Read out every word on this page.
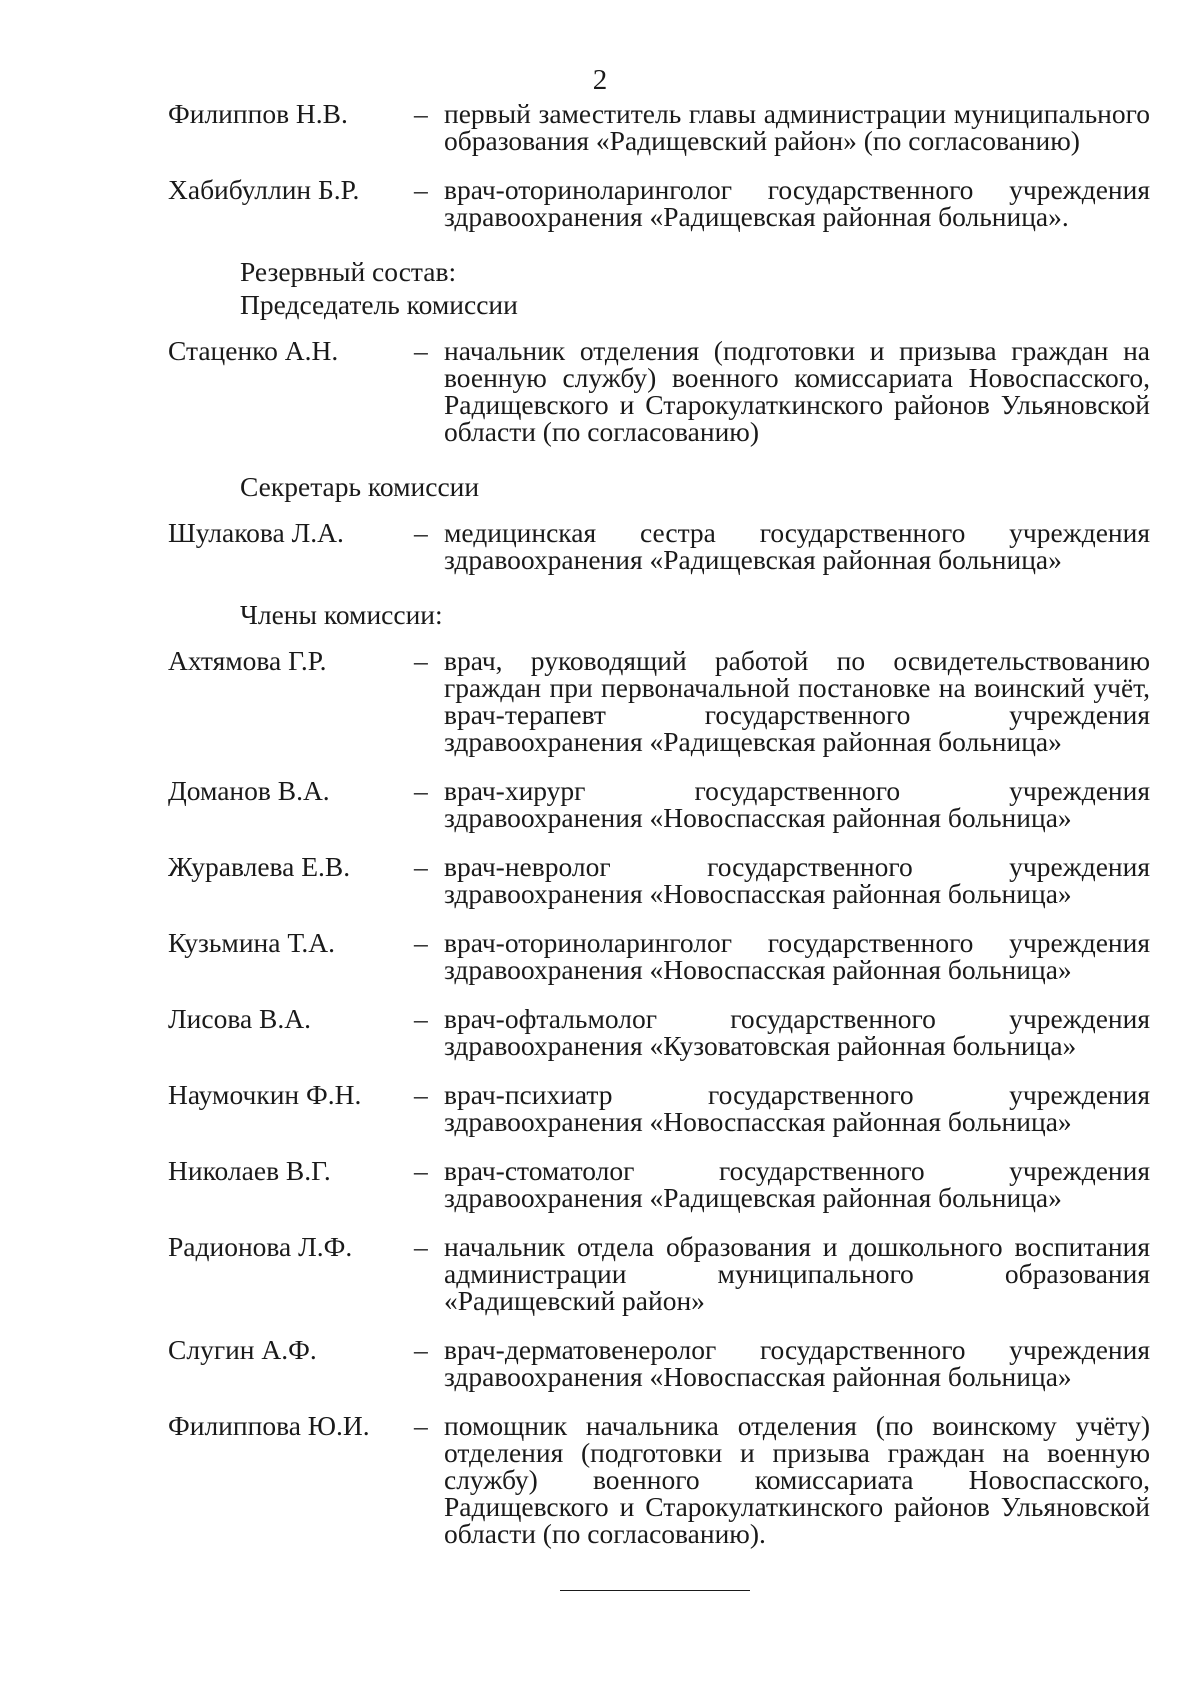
2
Филиппов Н.В.	– первый заместитель главы администрации муниципального образования «Радищевский район» (по согласованию)
Хабибуллин Б.Р.	– врач-оториноларинголог государственного учреждения здравоохранения «Радищевская районная больница».
Резервный состав:
Председатель комиссии
Стаценко А.Н.	– начальник отделения (подготовки и призыва граждан на военную службу) военного комиссариата Новоспасского, Радищевского и Старокулаткинского районов Ульяновской области (по согласованию)
Секретарь комиссии
Шулакова Л.А.	– медицинская сестра государственного учреждения здравоохранения «Радищевская районная больница»
Члены комиссии:
Ахтямова Г.Р.	– врач, руководящий работой по освидетельствованию граждан при первоначальной постановке на воинский учёт, врач-терапевт государственного учреждения здравоохранения «Радищевская районная больница»
Доманов В.А.	– врач-хирург государственного учреждения здравоохранения «Новоспасская районная больница»
Журавлева Е.В.	– врач-невролог государственного учреждения здравоохранения «Новоспасская районная больница»
Кузьмина Т.А.	– врач-оториноларинголог государственного учреждения здравоохранения «Новоспасская районная больница»
Лисова В.А.	– врач-офтальмолог государственного учреждения здравоохранения «Кузоватовская районная больница»
Наумочкин Ф.Н.	– врач-психиатр государственного учреждения здравоохранения «Новоспасская районная больница»
Николаев В.Г.	– врач-стоматолог государственного учреждения здравоохранения «Радищевская районная больница»
Радионова Л.Ф.	– начальник отдела образования и дошкольного воспитания администрации муниципального образования «Радищевский район»
Слугин А.Ф.	– врач-дерматовенеролог государственного учреждения здравоохранения «Новоспасская районная больница»
Филиппова Ю.И.	– помощник начальника отделения (по воинскому учёту) отделения (подготовки и призыва граждан на военную службу) военного комиссариата Новоспасского, Радищевского и Старокулаткинского районов Ульяновской области (по согласованию).
